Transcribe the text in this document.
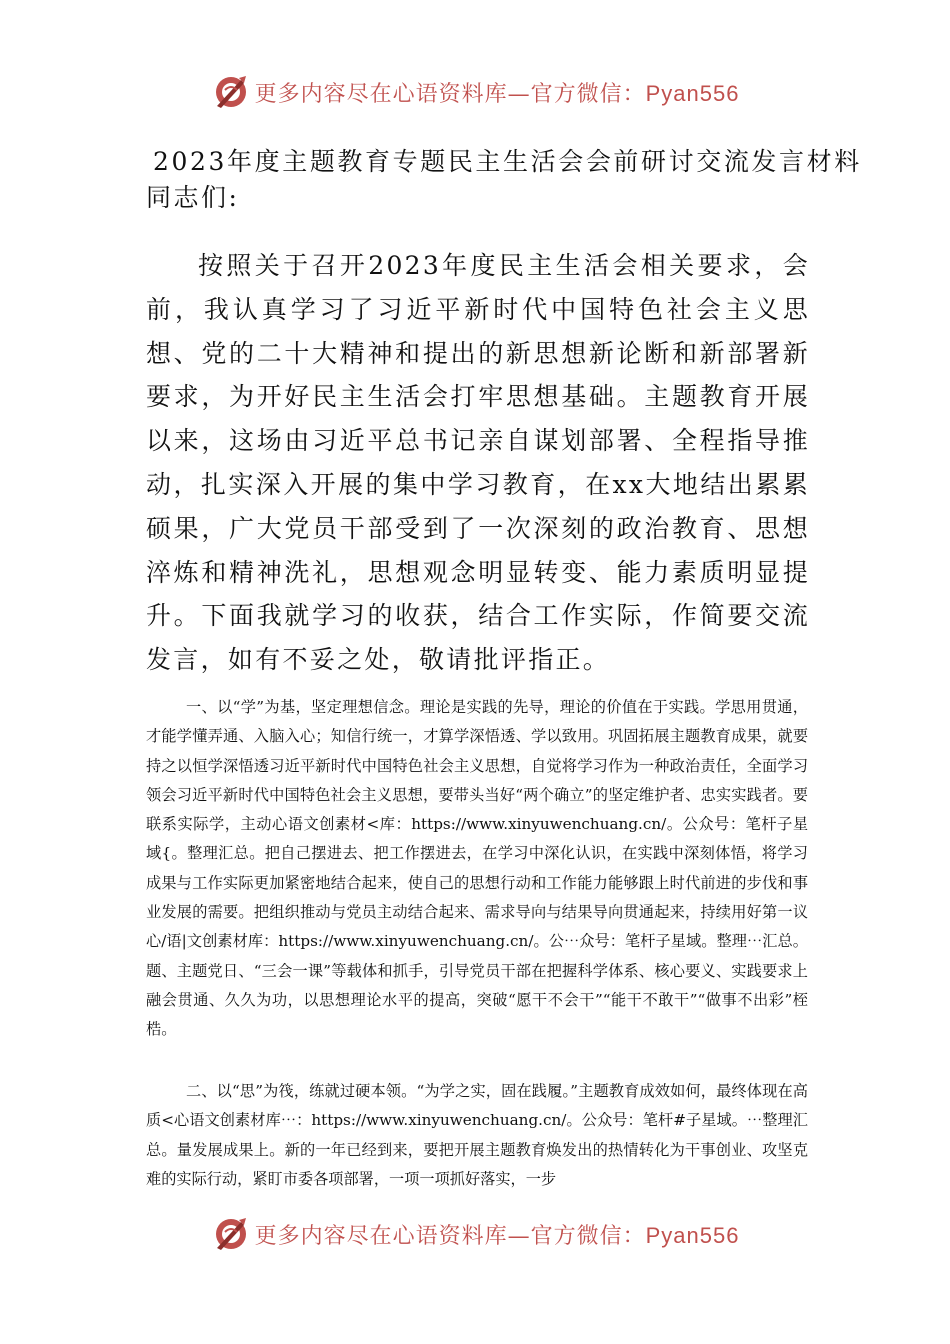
更多内容尽在心语资料库—官方微信：Pyan556
2023年度主题教育专题民主生活会会前研讨交流发言材料
同志们:

按照关于召开2023年度民主生活会相关要求，会前，我认真学习了习近平新时代中国特色社会主义思想、党的二十大精神和提出的新思想新论断和新部署新要求，为开好民主生活会打牢思想基础。主题教育开展以来，这场由习近平总书记亲自谋划部署、全程指导推动，扎实深入开展的集中学习教育，在xx大地结出累累硕果，广大党员干部受到了一次深刻的政治教育、思想淬炼和精神洗礼，思想观念明显转变、能力素质明显提升。下面我就学习的收获，结合工作实际，作简要交流发言，如有不妥之处，敬请批评指正。

一、以“学”为基，坚定理想信念。理论是实践的先导，理论的价值在于实践。学思用贯通，才能学懂弄通、入脑入心；知信行统一，才算学深悟透、学以致用。巩固拓展主题教育成果，就要持之以恒学深悟透习近平新时代中国特色社会主义思想，自觉将学习作为一种政治责任，全面学习领会习近平新时代中国特色社会主义思想，要带头当好“两个确立”的坚定维护者、忠实实践者。要联系实际学，主动心语文创素材<库：https://www.xinyuwenchuang.cn/。公众号：笔杆子星域{。整理汇总。把自己摆进去、把工作摆进去，在学习中深化认识，在实践中深刻体悟，将学习成果与工作实际更加紧密地结合起来，使自己的思想行动和工作能力能够跟上时代前进的步伐和事业发展的需要。把组织推动与党员主动结合起来、需求导向与结果导向贯通起来，持续用好第一议心/语|文创素材库：https://www.xinyuwenchuang.cn/。公⋯众号：笔杆子星域。整理⋯汇总。题、主题党日、“三会一课”等载体和抓手，引导党员干部在把握科学体系、核心要义、实践要求上融会贯通、久久为功，以思想理论水平的提高，突破“愿干不会干”“能干不敢干”“做事不出彩”桎梏。

二、以“思”为筏，练就过硬本领。“为学之实，固在践履。”主题教育成效如何，最终体现在高质<心语文创素材库⋯：https://www.xinyuwenchuang.cn/。公众号：笔杆#子星域。⋯整理汇总。量发展成果上。新的一年已经到来，要把开展主题教育焕发出的热情转化为干事创业、攻坚克难的实际行动，紧盯市委各项部署，一项一项抓好落实，一步

更多内容尽在心语资料库—官方微信：Pyan556
